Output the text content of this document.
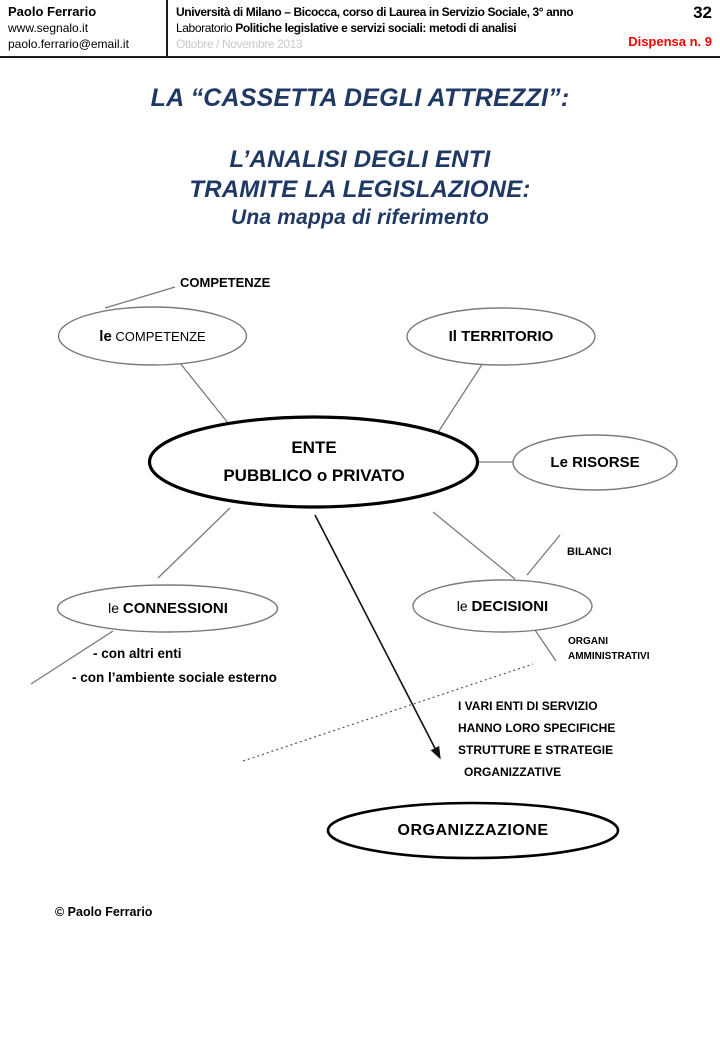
Paolo Ferrario
www.segnalo.it
paolo.ferrario@email.it
Università di Milano – Bicocca, corso di Laurea in Servizio Sociale, 3° anno
Laboratorio Politiche legislative e servizi sociali: metodi di analisi
Ottobre / Novembre 2013
32
Dispensa n. 9
LA “CASSETTA DEGLI ATTREZZI”:
L’ANALISI DEGLI ENTI
TRAMITE LA LEGISLAZIONE:
Una mappa di riferimento
le COMPETENZE	Il TERRITORIO
ENTE
PUBBLICO o PRIVATO
Le RISORSE
le CONNESSIONI	le DECISIONI
ORGANIZZAZIONE
COMPETENZE
BILANCI
ORGANI
AMMINISTRATIVI
- con altri enti
- con l’ambiente sociale esterno
I VARI ENTI DI SERVIZIO
HANNO LORO SPECIFICHE
STRUTTURE E STRATEGIE
ORGANIZZATIVE
© Paolo Ferrario
